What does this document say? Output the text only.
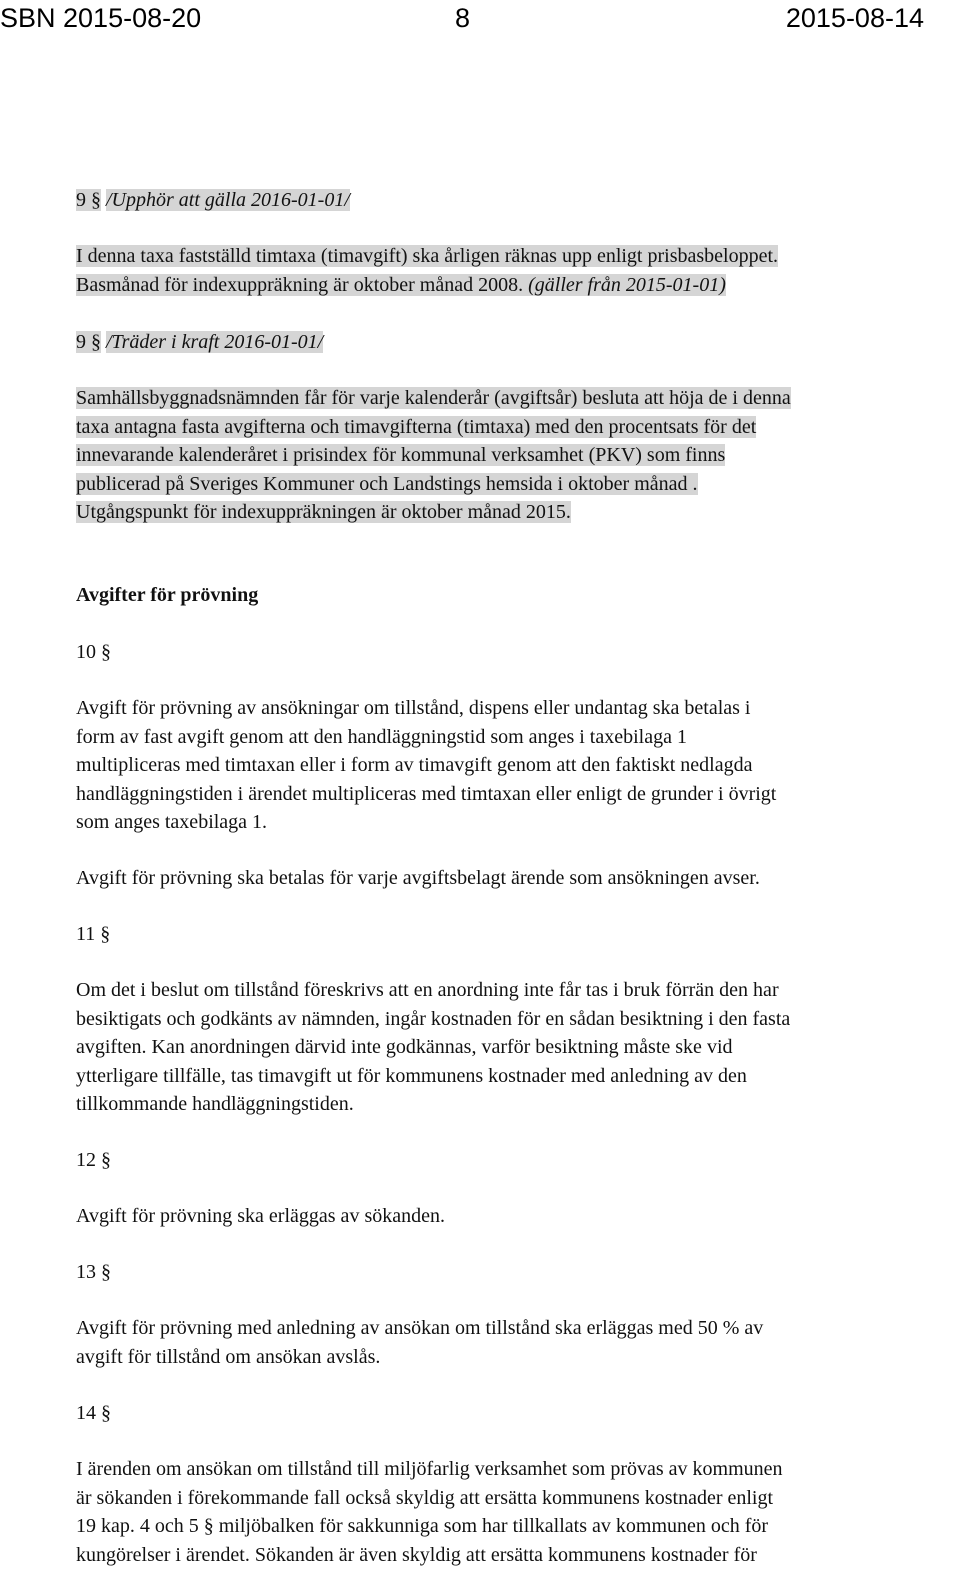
SBN 2015-08-20	8	2015-08-14
9 § /Upphör att gälla 2016-01-01/

I denna taxa fastställd timtaxa (timavgift) ska årligen räknas upp enligt prisbasbeloppet.
Basmånad för indexuppräkning är oktober månad 2008. (gäller från 2015-01-01)

9 § /Träder i kraft 2016-01-01/

Samhällsbyggnadsnämnden får för varje kalenderår (avgiftsår) besluta att höja de i denna
taxa antagna fasta avgifterna och timavgifterna (timtaxa) med den procentsats för det
innevarande kalenderåret i prisindex för kommunal verksamhet (PKV) som finns
publicerad på Sveriges Kommuner och Landstings hemsida i oktober månad .
Utgångspunkt för indexuppräkningen är oktober månad 2015.

Avgifter för prövning
10 §

Avgift för prövning av ansökningar om tillstånd, dispens eller undantag ska betalas i
form av fast avgift genom att den handläggningstid som anges i taxebilaga 1
multipliceras med timtaxan eller i form av timavgift genom att den faktiskt nedlagda
handläggningstiden i ärendet multipliceras med timtaxan eller enligt de grunder i övrigt
som anges taxebilaga 1.

Avgift för prövning ska betalas för varje avgiftsbelagt ärende som ansökningen avser.

11 §

Om det i beslut om tillstånd föreskrivs att en anordning inte får tas i bruk förrän den har
besiktigats och godkänts av nämnden, ingår kostnaden för en sådan besiktning i den fasta
avgiften. Kan anordningen därvid inte godkännas, varför besiktning måste ske vid
ytterligare tillfälle, tas timavgift ut för kommunens kostnader med anledning av den
tillkommande handläggningstiden.

12 §

Avgift för prövning ska erläggas av sökanden.

13 §

Avgift för prövning med anledning av ansökan om tillstånd ska erläggas med 50 % av
avgift för tillstånd om ansökan avslås.

14 §

I ärenden om ansökan om tillstånd till miljöfarlig verksamhet som prövas av kommunen
är sökanden i förekommande fall också skyldig att ersätta kommunens kostnader enligt
19 kap. 4 och 5 § miljöbalken för sakkunniga som har tillkallats av kommunen och för
kungörelser i ärendet. Sökanden är även skyldig att ersätta kommunens kostnader för
